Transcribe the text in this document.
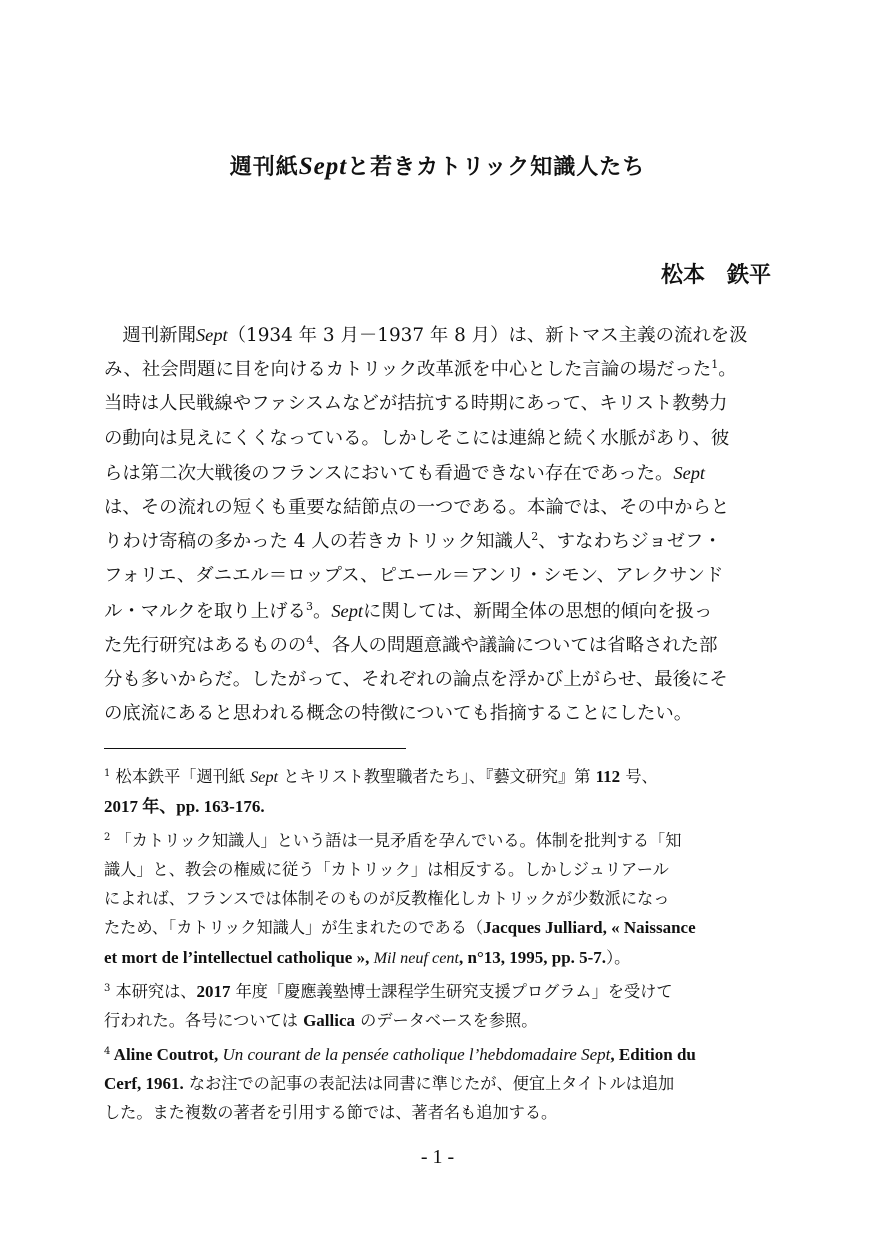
週刊紙Septと若きカトリック知識人たち
松本　鉄平
　週刊新聞Sept（1934 年 3 月－1937 年 8 月）は、新トマス主義の流れを汲
み、社会問題に目を向けるカトリック改革派を中心とした言論の場だった$^1$。
当時は人民戦線やファシスムなどが拮抗する時期にあって、キリスト教勢力
の動向は見えにくくなっている。しかしそこには連綿と続く水脈があり、彼
らは第二次大戦後のフランスにおいても看過できない存在であった。Sept
は、その流れの短くも重要な結節点の一つである。本論では、その中からと
りわけ寄稿の多かった 4 人の若きカトリック知識人$^2$、すなわちジョゼフ・
フォリエ、ダニエル＝ロップス、ピエール＝アンリ・シモン、アレクサンド
ル・マルクを取り上げる$^3$。Septに関しては、新聞全体の思想的傾向を扱っ
た先行研究はあるものの$^4$、各人の問題意識や議論については省略された部
分も多いからだ。したがって、それぞれの論点を浮かび上がらせ、最後にそ
の底流にあると思われる概念の特徴についても指摘することにしたい。
$^1$ 松本鉄平「週刊紙 Sept とキリスト教聖職者たち」、『藝文研究』第 112 号、
2017 年、pp. 163-176.
$^2$ 「カトリック知識人」という語は一見矛盾を孕んでいる。体制を批判する「知
識人」と、教会の権威に従う「カトリック」は相反する。しかしジュリアール
によれば、フランスでは体制そのものが反教権化しカトリックが少数派になっ
たため、「カトリック知識人」が生まれたのである（Jacques Julliard, « Naissance
et mort de l’intellectuel catholique », Mil neuf cent, n°13, 1995, pp. 5-7.）。
$^3$ 本研究は、2017 年度「慶應義塾博士課程学生研究支援プログラム」を受けて
行われた。各号については Gallica のデータベースを参照。
$^4$ Aline Coutrot, Un courant de la pensée catholique l’hebdomadaire Sept, Edition du
Cerf, 1961. なお注での記事の表記法は同書に準じたが、便宜上タイトルは追加
した。また複数の著者を引用する節では、著者名も追加する。
- 1 -
